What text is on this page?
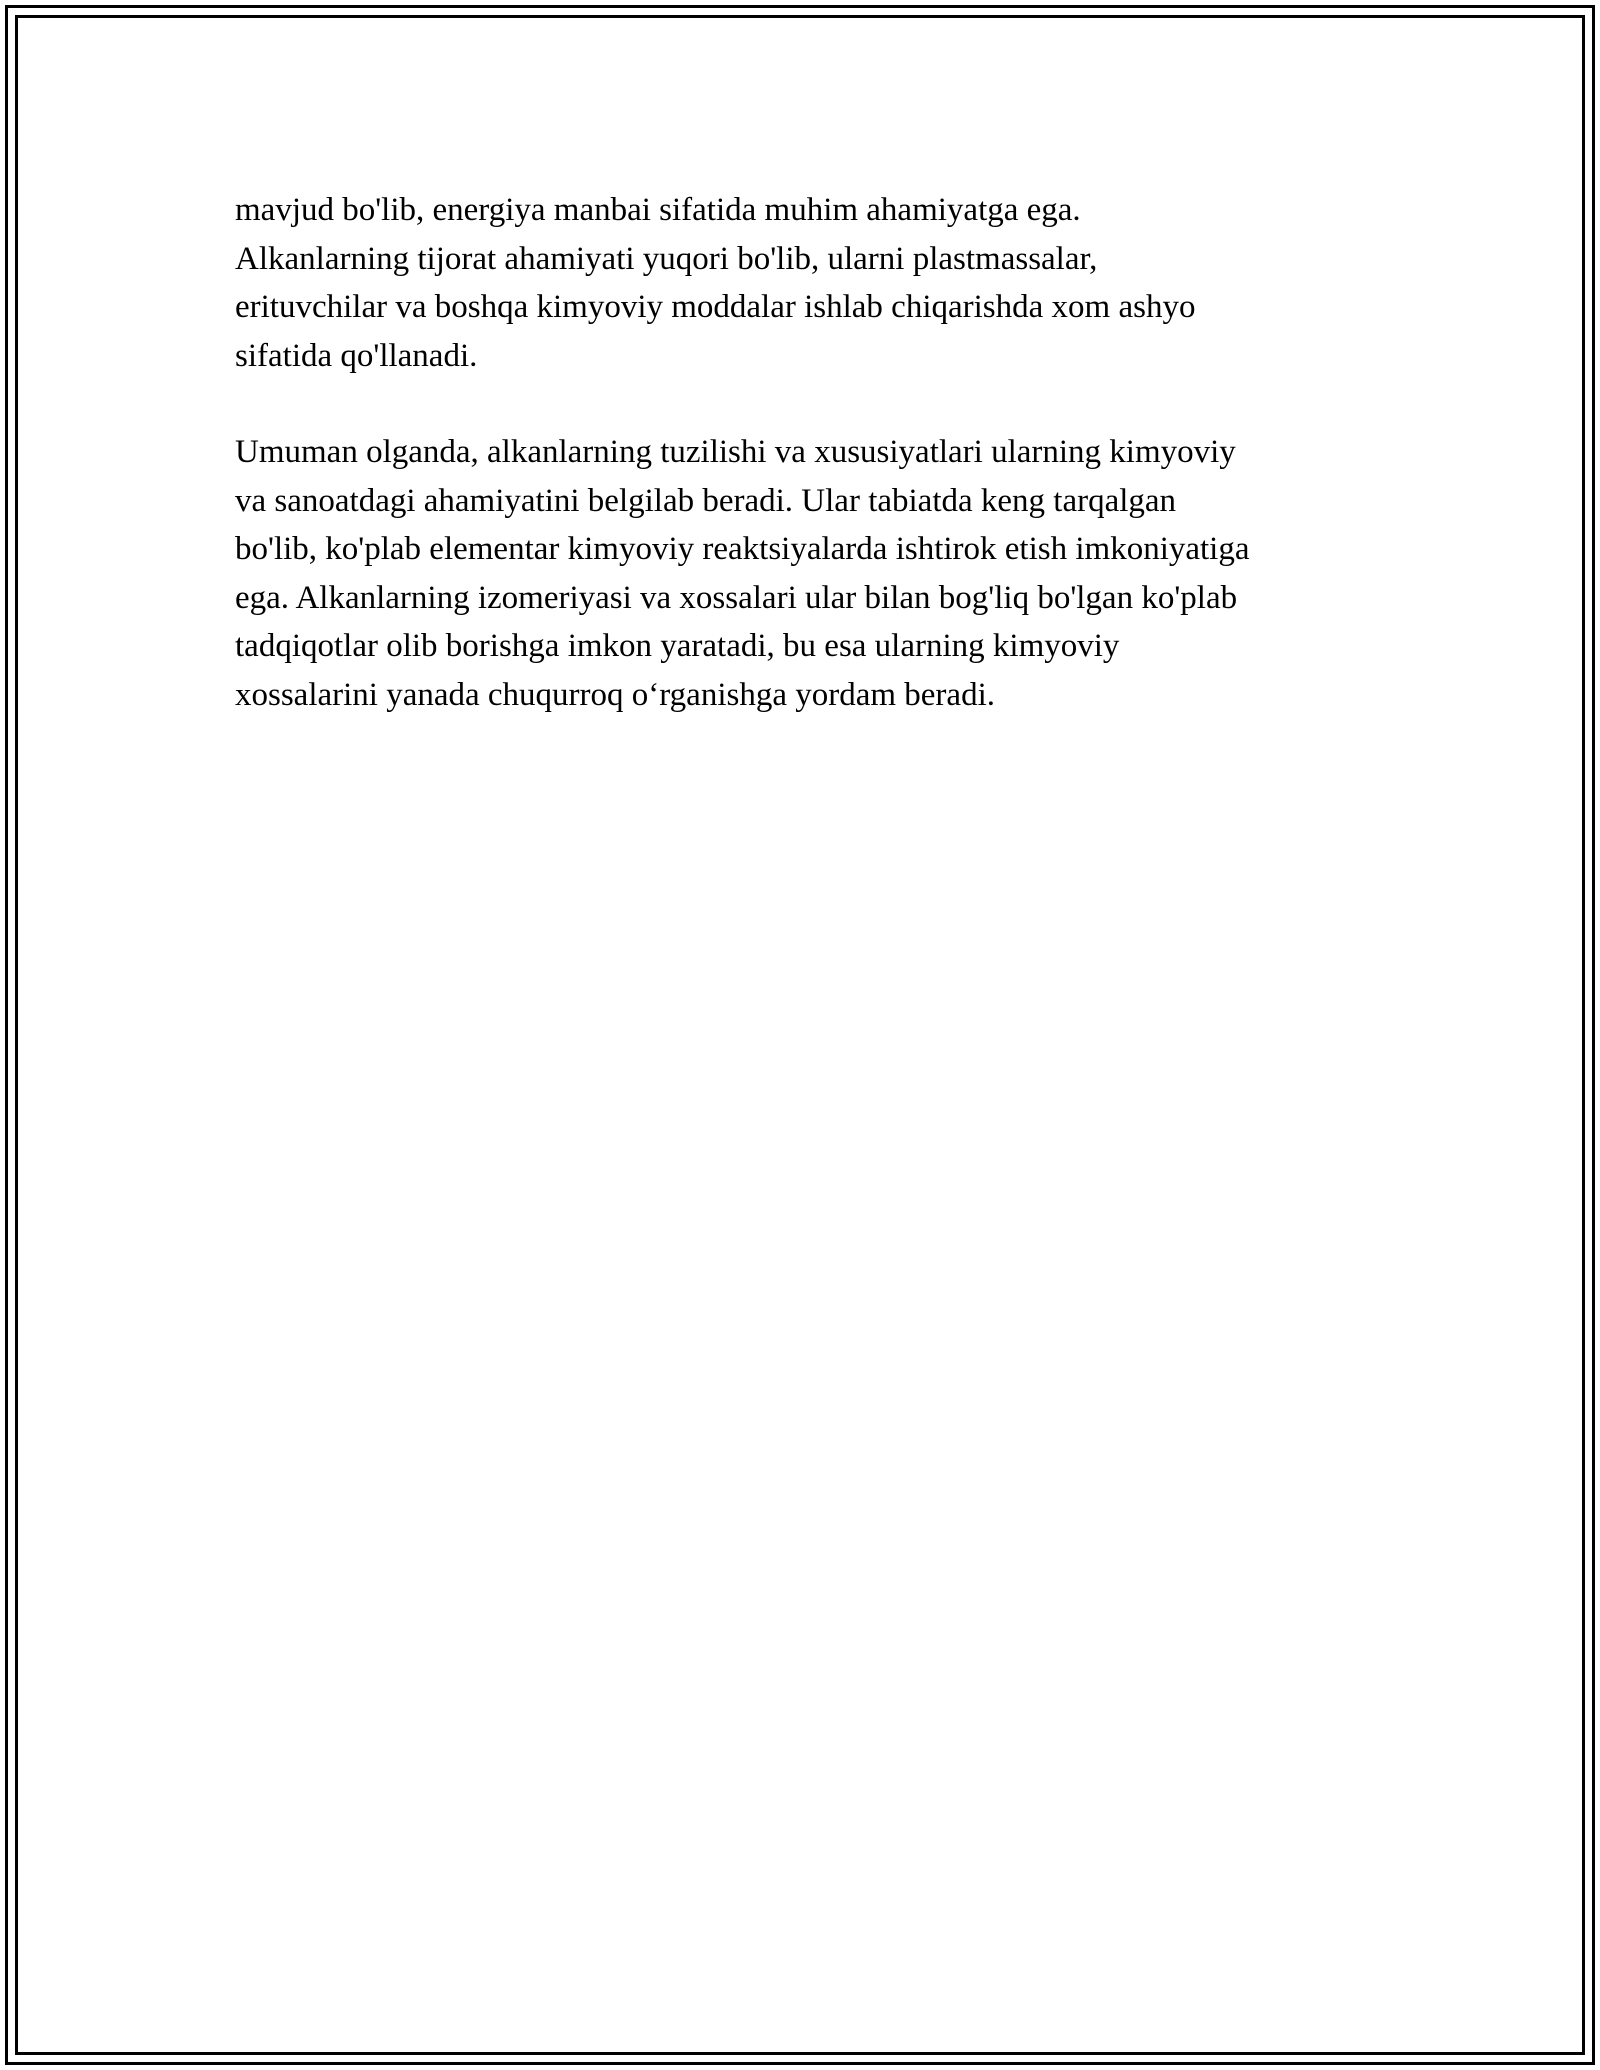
mavjud bo'lib, energiya manbai sifatida muhim ahamiyatga ega.
Alkanlarning tijorat ahamiyati yuqori bo'lib, ularni plastmassalar,
erituvchilar va boshqa kimyoviy moddalar ishlab chiqarishda xom ashyo
sifatida qo'llanadi.

Umuman olganda, alkanlarning tuzilishi va xususiyatlari ularning kimyoviy
va sanoatdagi ahamiyatini belgilab beradi. Ular tabiatda keng tarqalgan
bo'lib, ko'plab elementar kimyoviy reaktsiyalarda ishtirok etish imkoniyatiga
ega. Alkanlarning izomeriyasi va xossalari ular bilan bog'liq bo'lgan ko'plab
tadqiqotlar olib borishga imkon yaratadi, bu esa ularning kimyoviy
xossalarini yanada chuqurroq o‘rganishga yordam beradi.
